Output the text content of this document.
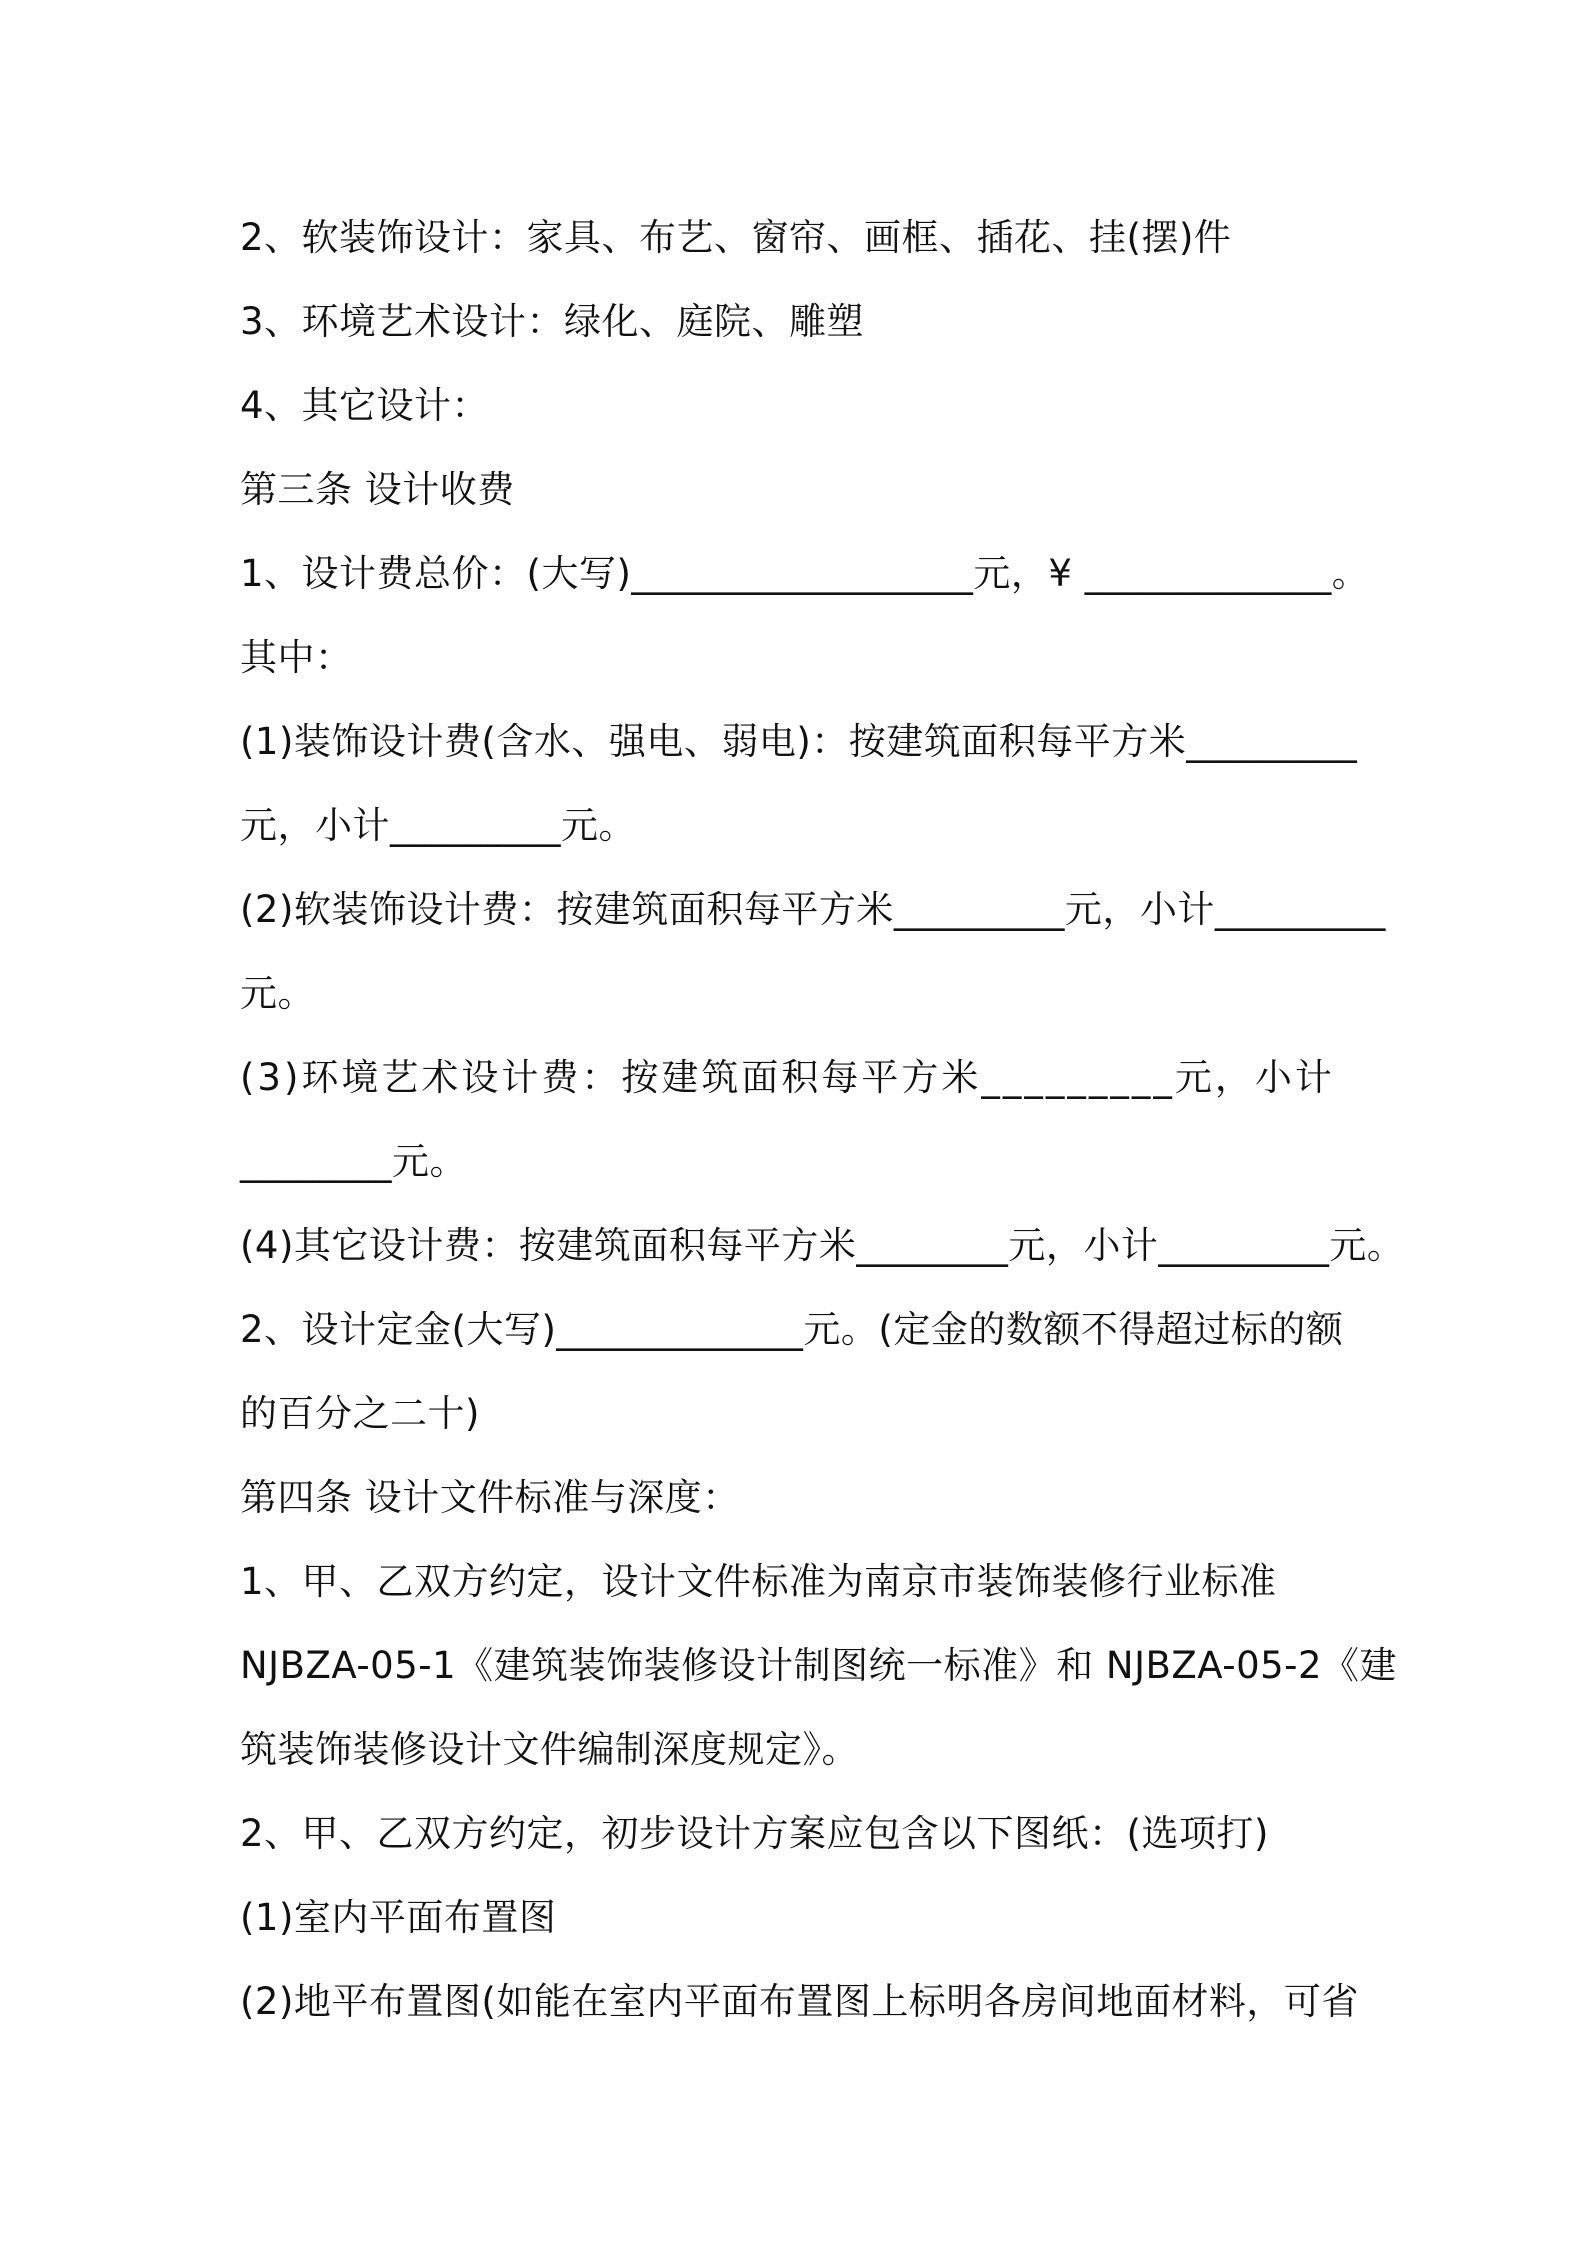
2、软装饰设计：家具、布艺、窗帘、画框、插花、挂(摆)件
3、环境艺术设计：绿化、庭院、雕塑
4、其它设计：
第三条 设计收费
1、设计费总价：(大写)__________________元，¥ _____________。
其中：
(1)装饰设计费(含水、强电、弱电)：按建筑面积每平方米_________
元，小计_________元。
(2)软装饰设计费：按建筑面积每平方米_________元，小计_________
元。
(3)环境艺术设计费：按建筑面积每平方米_________元，小计
________元。
(4)其它设计费：按建筑面积每平方米________元，小计_________元。
2、设计定金(大写)_____________元。(定金的数额不得超过标的额
的百分之二十)
第四条 设计文件标准与深度：
1、甲、乙双方约定，设计文件标准为南京市装饰装修行业标准
NJBZA-05-1《建筑装饰装修设计制图统一标准》和 NJBZA-05-2《建
筑装饰装修设计文件编制深度规定》。
2、甲、乙双方约定，初步设计方案应包含以下图纸：(选项打)
(1)室内平面布置图
(2)地平布置图(如能在室内平面布置图上标明各房间地面材料，可省
